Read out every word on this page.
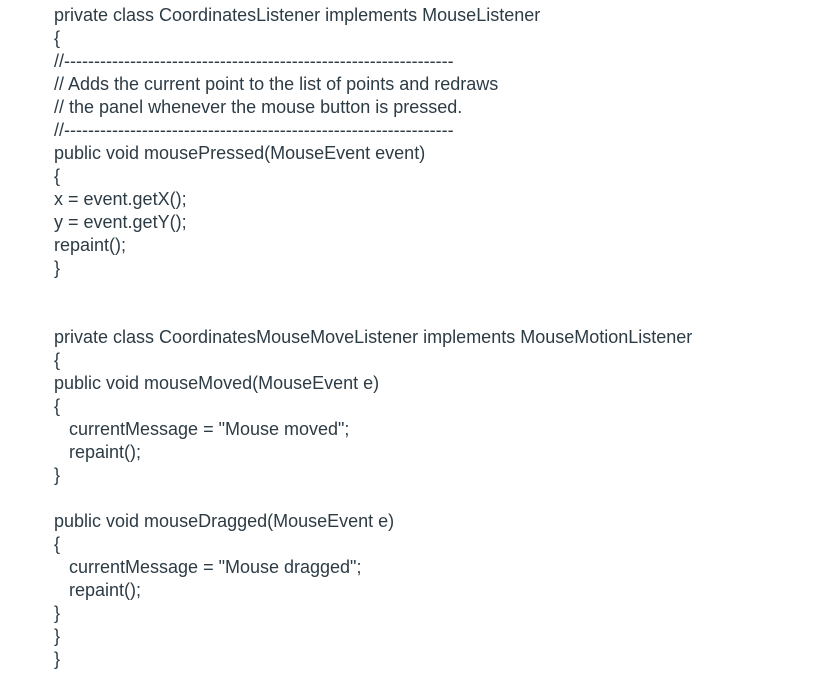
private class CoordinatesListener implements MouseListener
{
//-----------------------------------------------------------------
// Adds the current point to the list of points and redraws
// the panel whenever the mouse button is pressed.
//-----------------------------------------------------------------
public void mousePressed(MouseEvent event)
{
x = event.getX();
y = event.getY();
repaint();
}
private class CoordinatesMouseMoveListener implements MouseMotionListener
{
public void mouseMoved(MouseEvent e)
{
currentMessage = "Mouse moved";
repaint();
}
public void mouseDragged(MouseEvent e)
{
currentMessage = "Mouse dragged";
repaint();
}
}
}
